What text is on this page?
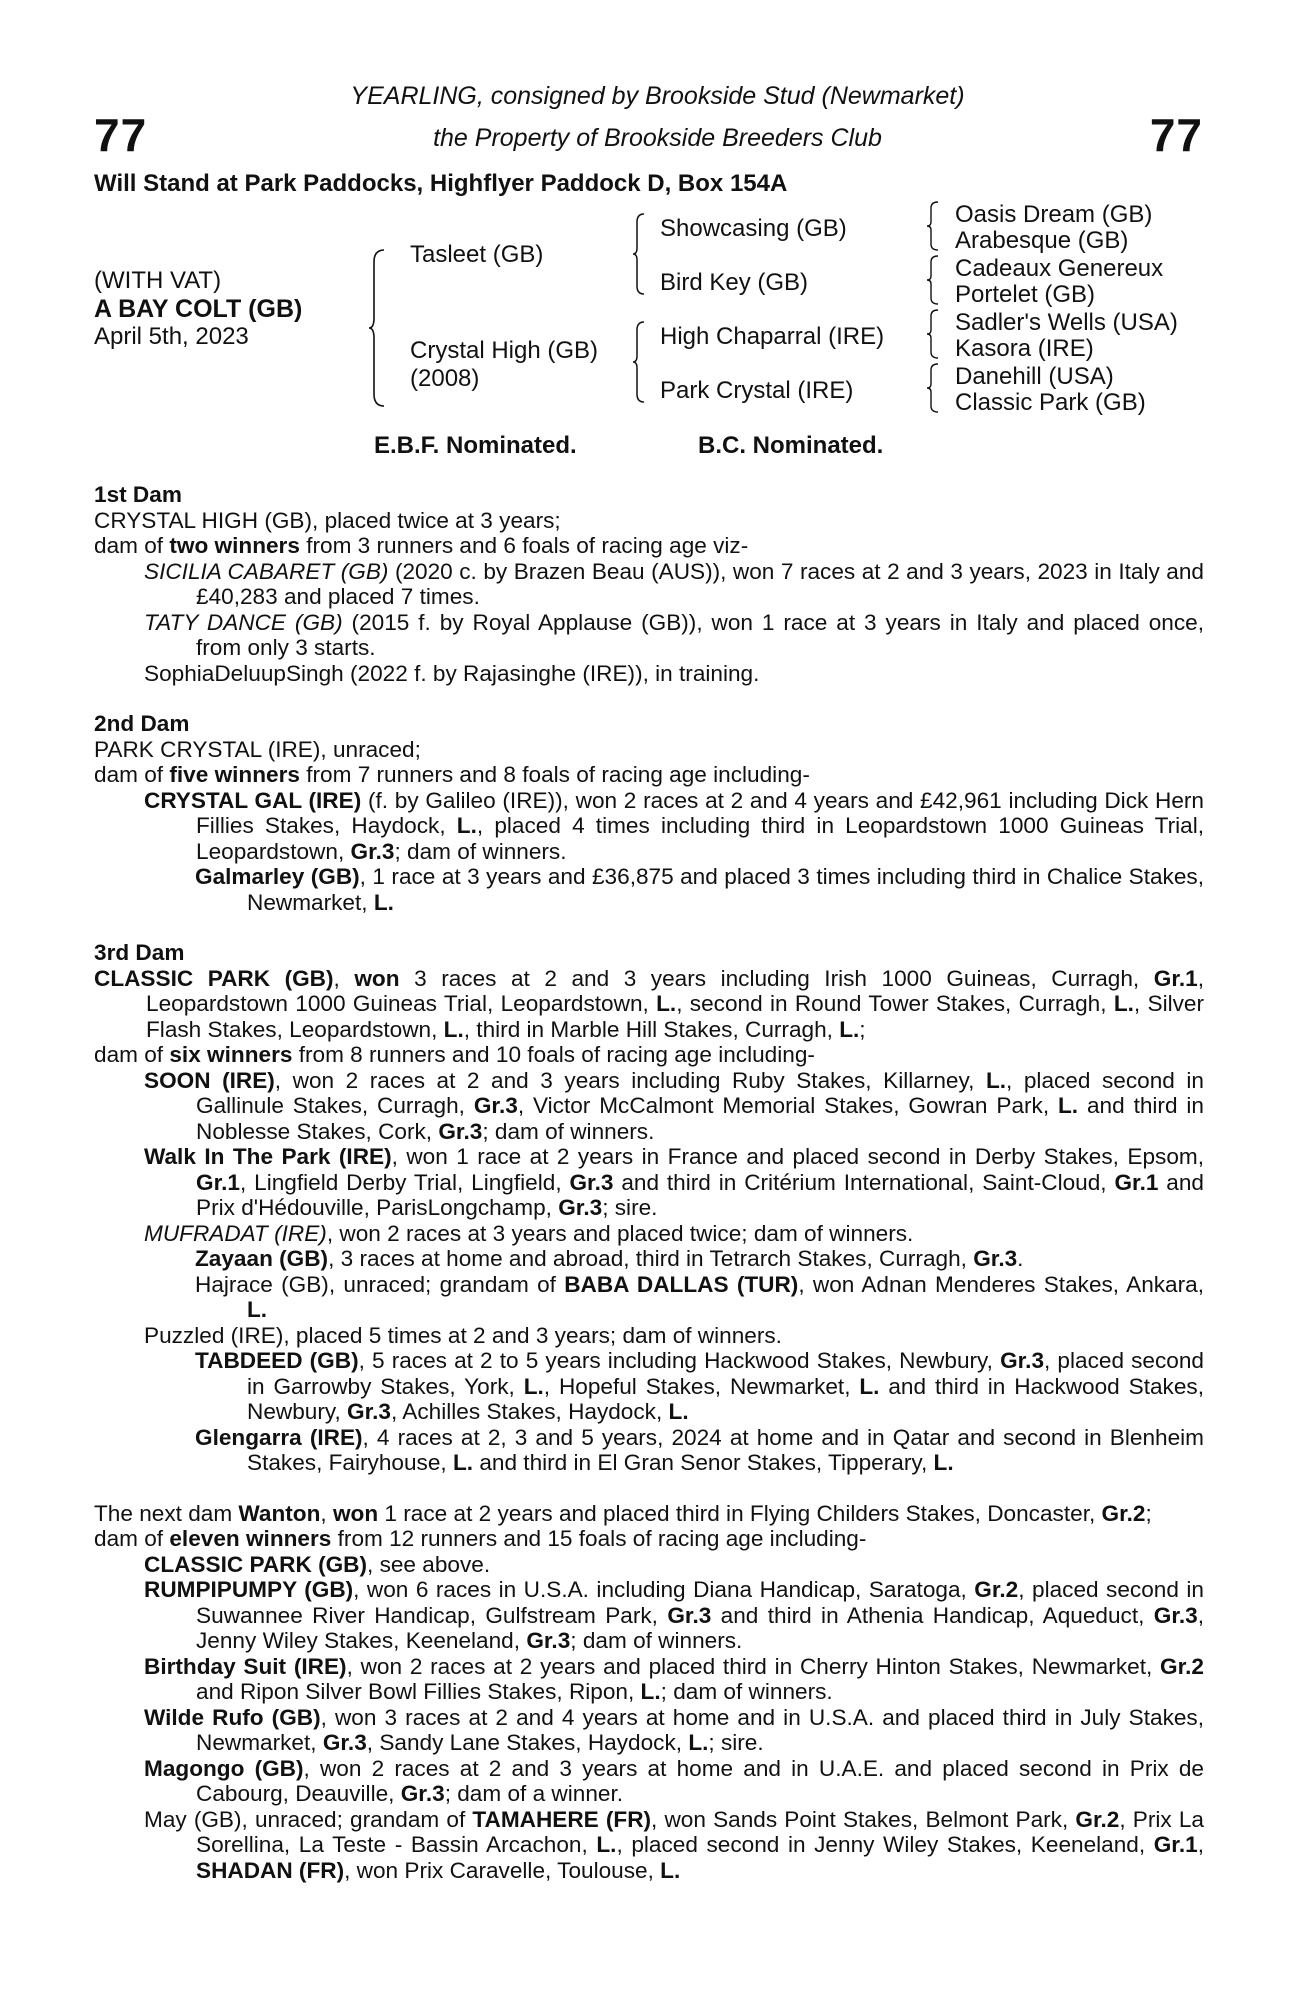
77	77
YEARLING, consigned by Brookside Stud (Newmarket)
the Property of Brookside Breeders Club
Will Stand at Park Paddocks, Highflyer Paddock D, Box 154A
(WITH VAT)
A BAY COLT (GB)
April 5th, 2023
Tasleet (GB)
Crystal High (GB)
(2008)
Showcasing (GB)
Bird Key (GB)
High Chaparral (IRE)
Park Crystal (IRE)
Oasis Dream (GB)
Arabesque (GB)
Cadeaux Genereux
Portelet (GB)
Sadler's Wells (USA)
Kasora (IRE)
Danehill (USA)
Classic Park (GB)
E.B.F. Nominated.	B.C. Nominated.

1st Dam

CRYSTAL HIGH (GB), placed twice at 3 years;

dam of two winners from 3 runners and 6 foals of racing age viz-

SICILIA CABARET (GB) (2020 c. by Brazen Beau (AUS)), won 7 races at 2 and 3 years, 2023 in Italy and £40,283 and placed 7 times.

TATY DANCE (GB) (2015 f. by Royal Applause (GB)), won 1 race at 3 years in Italy and placed once, from only 3 starts.

SophiaDeluupSingh (2022 f. by Rajasinghe (IRE)), in training.

2nd Dam

PARK CRYSTAL (IRE), unraced;

dam of five winners from 7 runners and 8 foals of racing age including-

CRYSTAL GAL (IRE) (f. by Galileo (IRE)), won 2 races at 2 and 4 years and £42,961 including Dick Hern Fillies Stakes, Haydock, L., placed 4 times including third in Leopardstown 1000 Guineas Trial, Leopardstown, Gr.3; dam of winners.

Galmarley (GB), 1 race at 3 years and £36,875 and placed 3 times including third in Chalice Stakes, Newmarket, L.

3rd Dam

CLASSIC PARK (GB), won 3 races at 2 and 3 years including Irish 1000 Guineas, Curragh, Gr.1, Leopardstown 1000 Guineas Trial, Leopardstown, L., second in Round Tower Stakes, Curragh, L., Silver Flash Stakes, Leopardstown, L., third in Marble Hill Stakes, Curragh, L.;

dam of six winners from 8 runners and 10 foals of racing age including-

SOON (IRE), won 2 races at 2 and 3 years including Ruby Stakes, Killarney, L., placed second in Gallinule Stakes, Curragh, Gr.3, Victor McCalmont Memorial Stakes, Gowran Park, L. and third in Noblesse Stakes, Cork, Gr.3; dam of winners.

Walk In The Park (IRE), won 1 race at 2 years in France and placed second in Derby Stakes, Epsom, Gr.1, Lingfield Derby Trial, Lingfield, Gr.3 and third in Critérium International, Saint-Cloud, Gr.1 and Prix d'Hédouville, ParisLongchamp, Gr.3; sire.

MUFRADAT (IRE), won 2 races at 3 years and placed twice; dam of winners.

Zayaan (GB), 3 races at home and abroad, third in Tetrarch Stakes, Curragh, Gr.3.

Hajrace (GB), unraced; grandam of BABA DALLAS (TUR), won Adnan Menderes Stakes, Ankara, L.

Puzzled (IRE), placed 5 times at 2 and 3 years; dam of winners.

TABDEED (GB), 5 races at 2 to 5 years including Hackwood Stakes, Newbury, Gr.3, placed second in Garrowby Stakes, York, L., Hopeful Stakes, Newmarket, L. and third in Hackwood Stakes, Newbury, Gr.3, Achilles Stakes, Haydock, L.

Glengarra (IRE), 4 races at 2, 3 and 5 years, 2024 at home and in Qatar and second in Blenheim Stakes, Fairyhouse, L. and third in El Gran Senor Stakes, Tipperary, L.

The next dam Wanton, won 1 race at 2 years and placed third in Flying Childers Stakes, Doncaster, Gr.2;

dam of eleven winners from 12 runners and 15 foals of racing age including-

CLASSIC PARK (GB), see above.

RUMPIPUMPY (GB), won 6 races in U.S.A. including Diana Handicap, Saratoga, Gr.2, placed second in Suwannee River Handicap, Gulfstream Park, Gr.3 and third in Athenia Handicap, Aqueduct, Gr.3, Jenny Wiley Stakes, Keeneland, Gr.3; dam of winners.

Birthday Suit (IRE), won 2 races at 2 years and placed third in Cherry Hinton Stakes, Newmarket, Gr.2 and Ripon Silver Bowl Fillies Stakes, Ripon, L.; dam of winners.

Wilde Rufo (GB), won 3 races at 2 and 4 years at home and in U.S.A. and placed third in July Stakes, Newmarket, Gr.3, Sandy Lane Stakes, Haydock, L.; sire.

Magongo (GB), won 2 races at 2 and 3 years at home and in U.A.E. and placed second in Prix de Cabourg, Deauville, Gr.3; dam of a winner.

May (GB), unraced; grandam of TAMAHERE (FR), won Sands Point Stakes, Belmont Park, Gr.2, Prix La Sorellina, La Teste - Bassin Arcachon, L., placed second in Jenny Wiley Stakes, Keeneland, Gr.1, SHADAN (FR), won Prix Caravelle, Toulouse, L.
